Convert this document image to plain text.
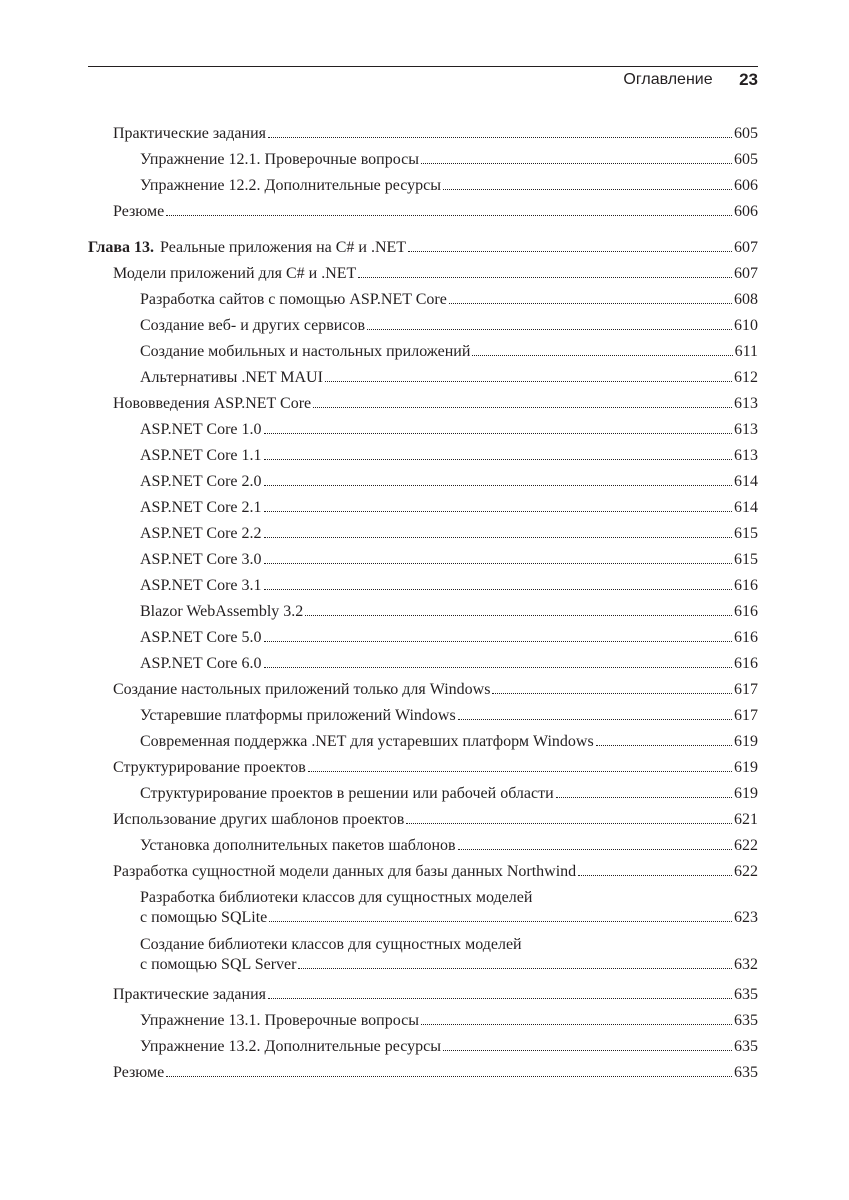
Оглавление 23
Практические задания	605
Упражнение 12.1. Проверочные вопросы	605
Упражнение 12.2. Дополнительные ресурсы	606
Резюме	606
Глава 13. Реальные приложения на C# и .NET	607
Модели приложений для C# и .NET	607
Разработка сайтов с помощью ASP.NET Core	608
Создание веб- и других сервисов	610
Создание мобильных и настольных приложений	611
Альтернативы .NET MAUI	612
Нововведения ASP.NET Core	613
ASP.NET Core 1.0	613
ASP.NET Core 1.1	613
ASP.NET Core 2.0	614
ASP.NET Core 2.1	614
ASP.NET Core 2.2	615
ASP.NET Core 3.0	615
ASP.NET Core 3.1	616
Blazor WebAssembly 3.2	616
ASP.NET Core 5.0	616
ASP.NET Core 6.0	616
Создание настольных приложений только для Windows	617
Устаревшие платформы приложений Windows	617
Современная поддержка .NET для устаревших платформ Windows	619
Структурирование проектов	619
Структурирование проектов в решении или рабочей области	619
Использование других шаблонов проектов	621
Установка дополнительных пакетов шаблонов	622
Разработка сущностной модели данных для базы данных Northwind	622
Разработка библиотеки классов для сущностных моделей
с помощью SQLite	623
Создание библиотеки классов для сущностных моделей
с помощью SQL Server	632
Практические задания	635
Упражнение 13.1. Проверочные вопросы	635
Упражнение 13.2. Дополнительные ресурсы	635
Резюме	635
